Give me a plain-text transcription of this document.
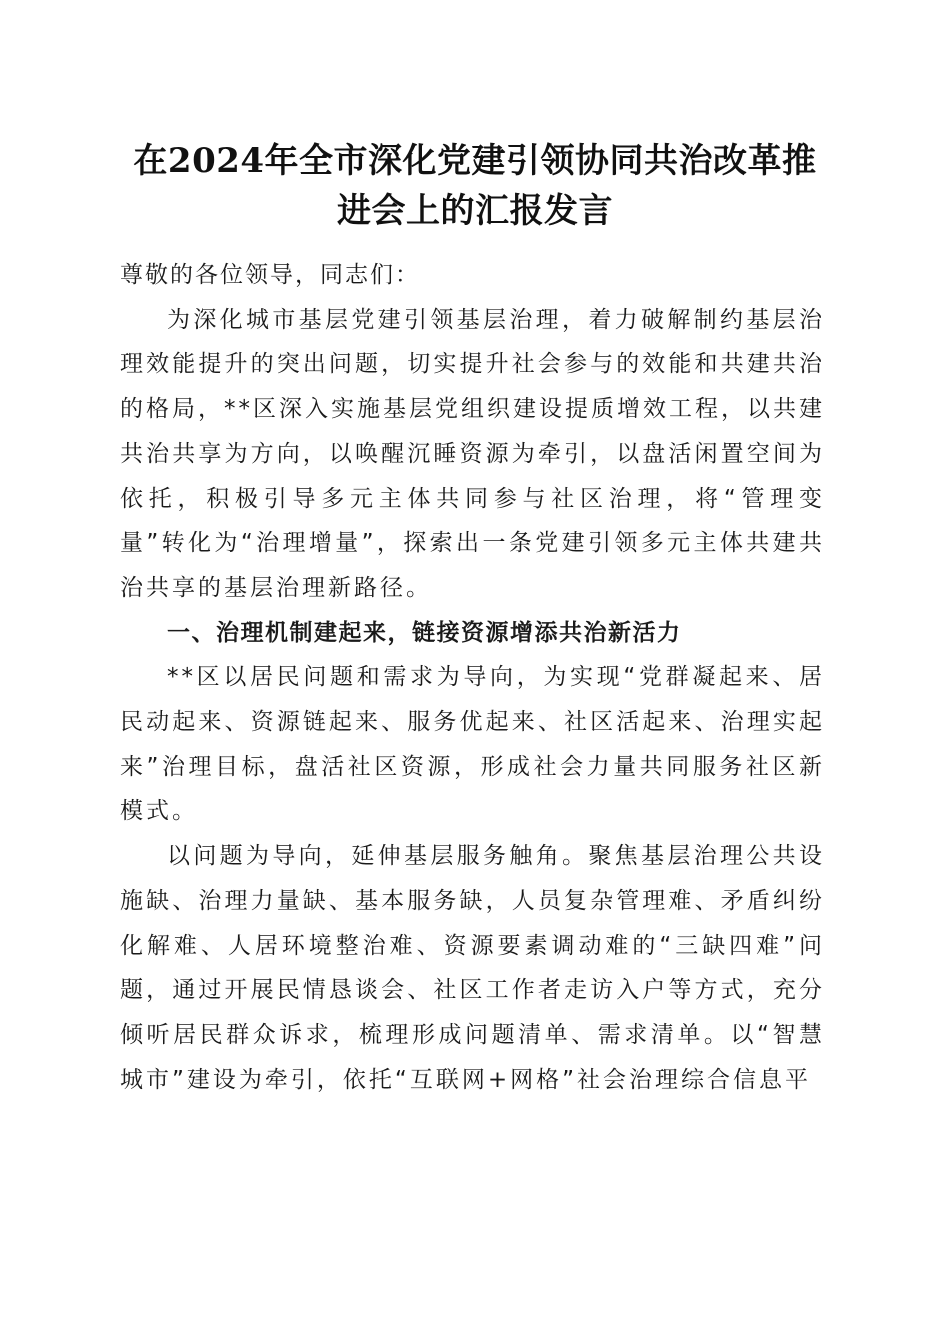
在2024年全市深化党建引领协同共治改革推
进会上的汇报发言

尊敬的各位领导，同志们：

为深化城市基层党建引领基层治理，着力破解制约基层治理效能提升的突出问题，切实提升社会参与的效能和共建共治的格局，**区深入实施基层党组织建设提质增效工程，以共建共治共享为方向，以唤醒沉睡资源为牵引，以盘活闲置空间为依托，积极引导多元主体共同参与社区治理，将“管理变量”转化为“治理增量”，探索出一条党建引领多元主体共建共治共享的基层治理新路径。

一、治理机制建起来，链接资源增添共治新活力

**区以居民问题和需求为导向，为实现“党群凝起来、居民动起来、资源链起来、服务优起来、社区活起来、治理实起来”治理目标，盘活社区资源，形成社会力量共同服务社区新模式。

以问题为导向，延伸基层服务触角。聚焦基层治理公共设施缺、治理力量缺、基本服务缺，人员复杂管理难、矛盾纠纷化解难、人居环境整治难、资源要素调动难的“三缺四难”问题，通过开展民情恳谈会、社区工作者走访入户等方式，充分倾听居民群众诉求，梳理形成问题清单、需求清单。以“智慧城市”建设为牵引，依托“互联网+网格”社会治理综合信息平
